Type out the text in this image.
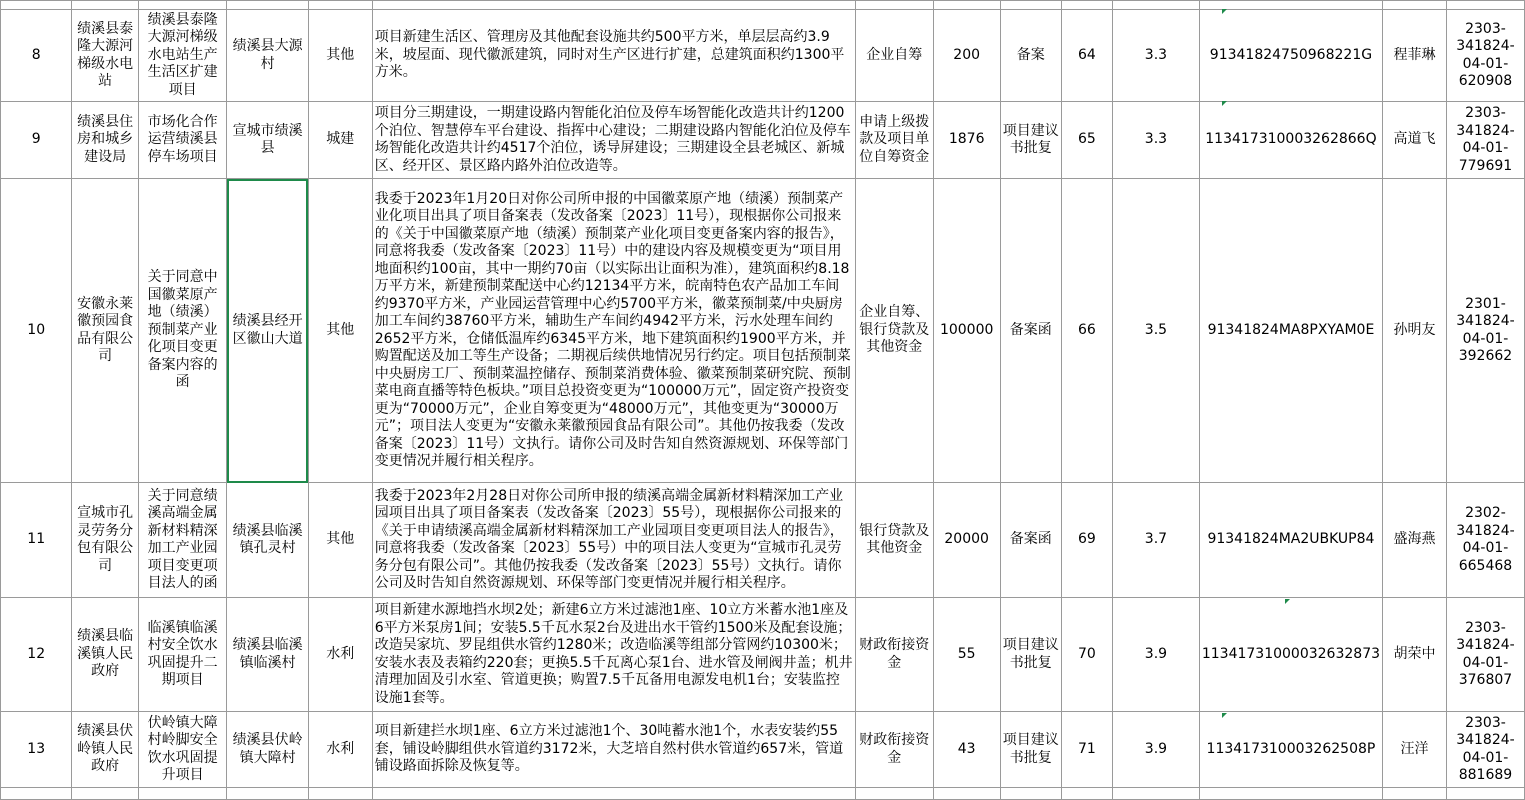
8	绩溪县泰隆大源河梯级水电站	绩溪县泰隆大源河梯级水电站生产生活区扩建项目	绩溪县大源村	其他	项目新建生活区、管理房及其他配套设施共约500平方米，单层层高约3.9米，坡屋面、现代徽派建筑，同时对生产区进行扩建，总建筑面积约1300平方米。	企业自筹	200	备案	64	3.3	91341824750968221G	程菲琳	2303-341824-04-01-620908
9	绩溪县住房和城乡建设局	市场化合作运营绩溪县停车场项目	宣城市绩溪县	城建	项目分三期建设，一期建设路内智能化泊位及停车场智能化改造共计约1200个泊位、智慧停车平台建设、指挥中心建设；二期建设路内智能化泊位及停车场智能化改造共计约4517个泊位，诱导屏建设；三期建设全县老城区、新城区、经开区、景区路内路外泊位改造等。	申请上级拨款及项目单位自筹资金	1876	项目建议书批复	65	3.3	113417310003262866Q	高道飞	2303-341824-04-01-779691
10	安徽永莱徽预园食品有限公司	关于同意中国徽菜原产地（绩溪）预制菜产业化项目变更备案内容的函	绩溪县经开区徽山大道	其他	我委于2023年1月20日对你公司所申报的中国徽菜原产地（绩溪）预制菜产业化项目出具了项目备案表（发改备案〔2023〕11号），现根据你公司报来的《关于中国徽菜原产地（绩溪）预制菜产业化项目变更备案内容的报告》，同意将我委（发改备案〔2023〕11号）中的建设内容及规模变更为“项目用地面积约100亩，其中一期约70亩（以实际出让面积为准），建筑面积约8.18万平方米，新建预制菜配送中心约12134平方米，皖南特色农产品加工车间约9370平方米，产业园运营管理中心约5700平方米，徽菜预制菜/中央厨房加工车间约38760平方米，辅助生产车间约4942平方米，污水处理车间约2652平方米，仓储低温库约6345平方米，地下建筑面积约1900平方米，并购置配送及加工等生产设备；二期视后续供地情况另行约定。项目包括预制菜中央厨房工厂、预制菜温控储存、预制菜消费体验、徽菜预制菜研究院、预制菜电商直播等特色板块。”项目总投资变更为“100000万元”，固定资产投资变更为“70000万元”，企业自筹变更为“48000万元”，其他变更为“30000万元”；项目法人变更为“安徽永莱徽预园食品有限公司”。其他仍按我委（发改备案〔2023〕11号）文执行。请你公司及时告知自然资源规划、环保等部门变更情况并履行相关程序。	企业自筹、银行贷款及其他资金	100000	备案函	66	3.5	91341824MA8PXYAM0E	孙明友	2301-341824-04-01-392662
11	宣城市孔灵劳务分包有限公司	关于同意绩溪高端金属新材料精深加工产业园项目变更项目法人的函	绩溪县临溪镇孔灵村	其他	我委于2023年2月28日对你公司所申报的绩溪高端金属新材料精深加工产业园项目出具了项目备案表（发改备案〔2023〕55号），现根据你公司报来的《关于申请绩溪高端金属新材料精深加工产业园项目变更项目法人的报告》，同意将我委（发改备案〔2023〕55号）中的项目法人变更为“宣城市孔灵劳务分包有限公司”。其他仍按我委（发改备案〔2023〕55号）文执行。请你公司及时告知自然资源规划、环保等部门变更情况并履行相关程序。	银行贷款及其他资金	20000	备案函	69	3.7	91341824MA2UBKUP84	盛海燕	2302-341824-04-01-665468
12	绩溪县临溪镇人民政府	临溪镇临溪村安全饮水巩固提升二期项目	绩溪县临溪镇临溪村	水利	项目新建水源地挡水坝2处；新建6立方米过滤池1座、10立方米蓄水池1座及6平方米泵房1间；安装5.5千瓦水泵2台及进出水干管约1500米及配套设施；改造吴家坑、罗昆组供水管约1280米；改造临溪等组部分管网约10300米；安装水表及表箱约220套；更换5.5千瓦离心泵1台、进水管及闸阀井盖；机井清理加固及引水室、管道更换；购置7.5千瓦备用电源发电机1台；安装监控设施1套等。	财政衔接资金	55	项目建议书批复	70	3.9	11341731000032632873	胡荣中	2303-341824-04-01-376807
13	绩溪县伏岭镇人民政府	伏岭镇大障村岭脚安全饮水巩固提升项目	绩溪县伏岭镇大障村	水利	项目新建拦水坝1座、6立方米过滤池1个、30吨蓄水池1个，水表安装约55套，铺设岭脚组供水管道约3172米，大芝培自然村供水管道约657米，管道铺设路面拆除及恢复等。	财政衔接资金	43	项目建议书批复	71	3.9	113417310003262508P	汪洋	2303-341824-04-01-881689
